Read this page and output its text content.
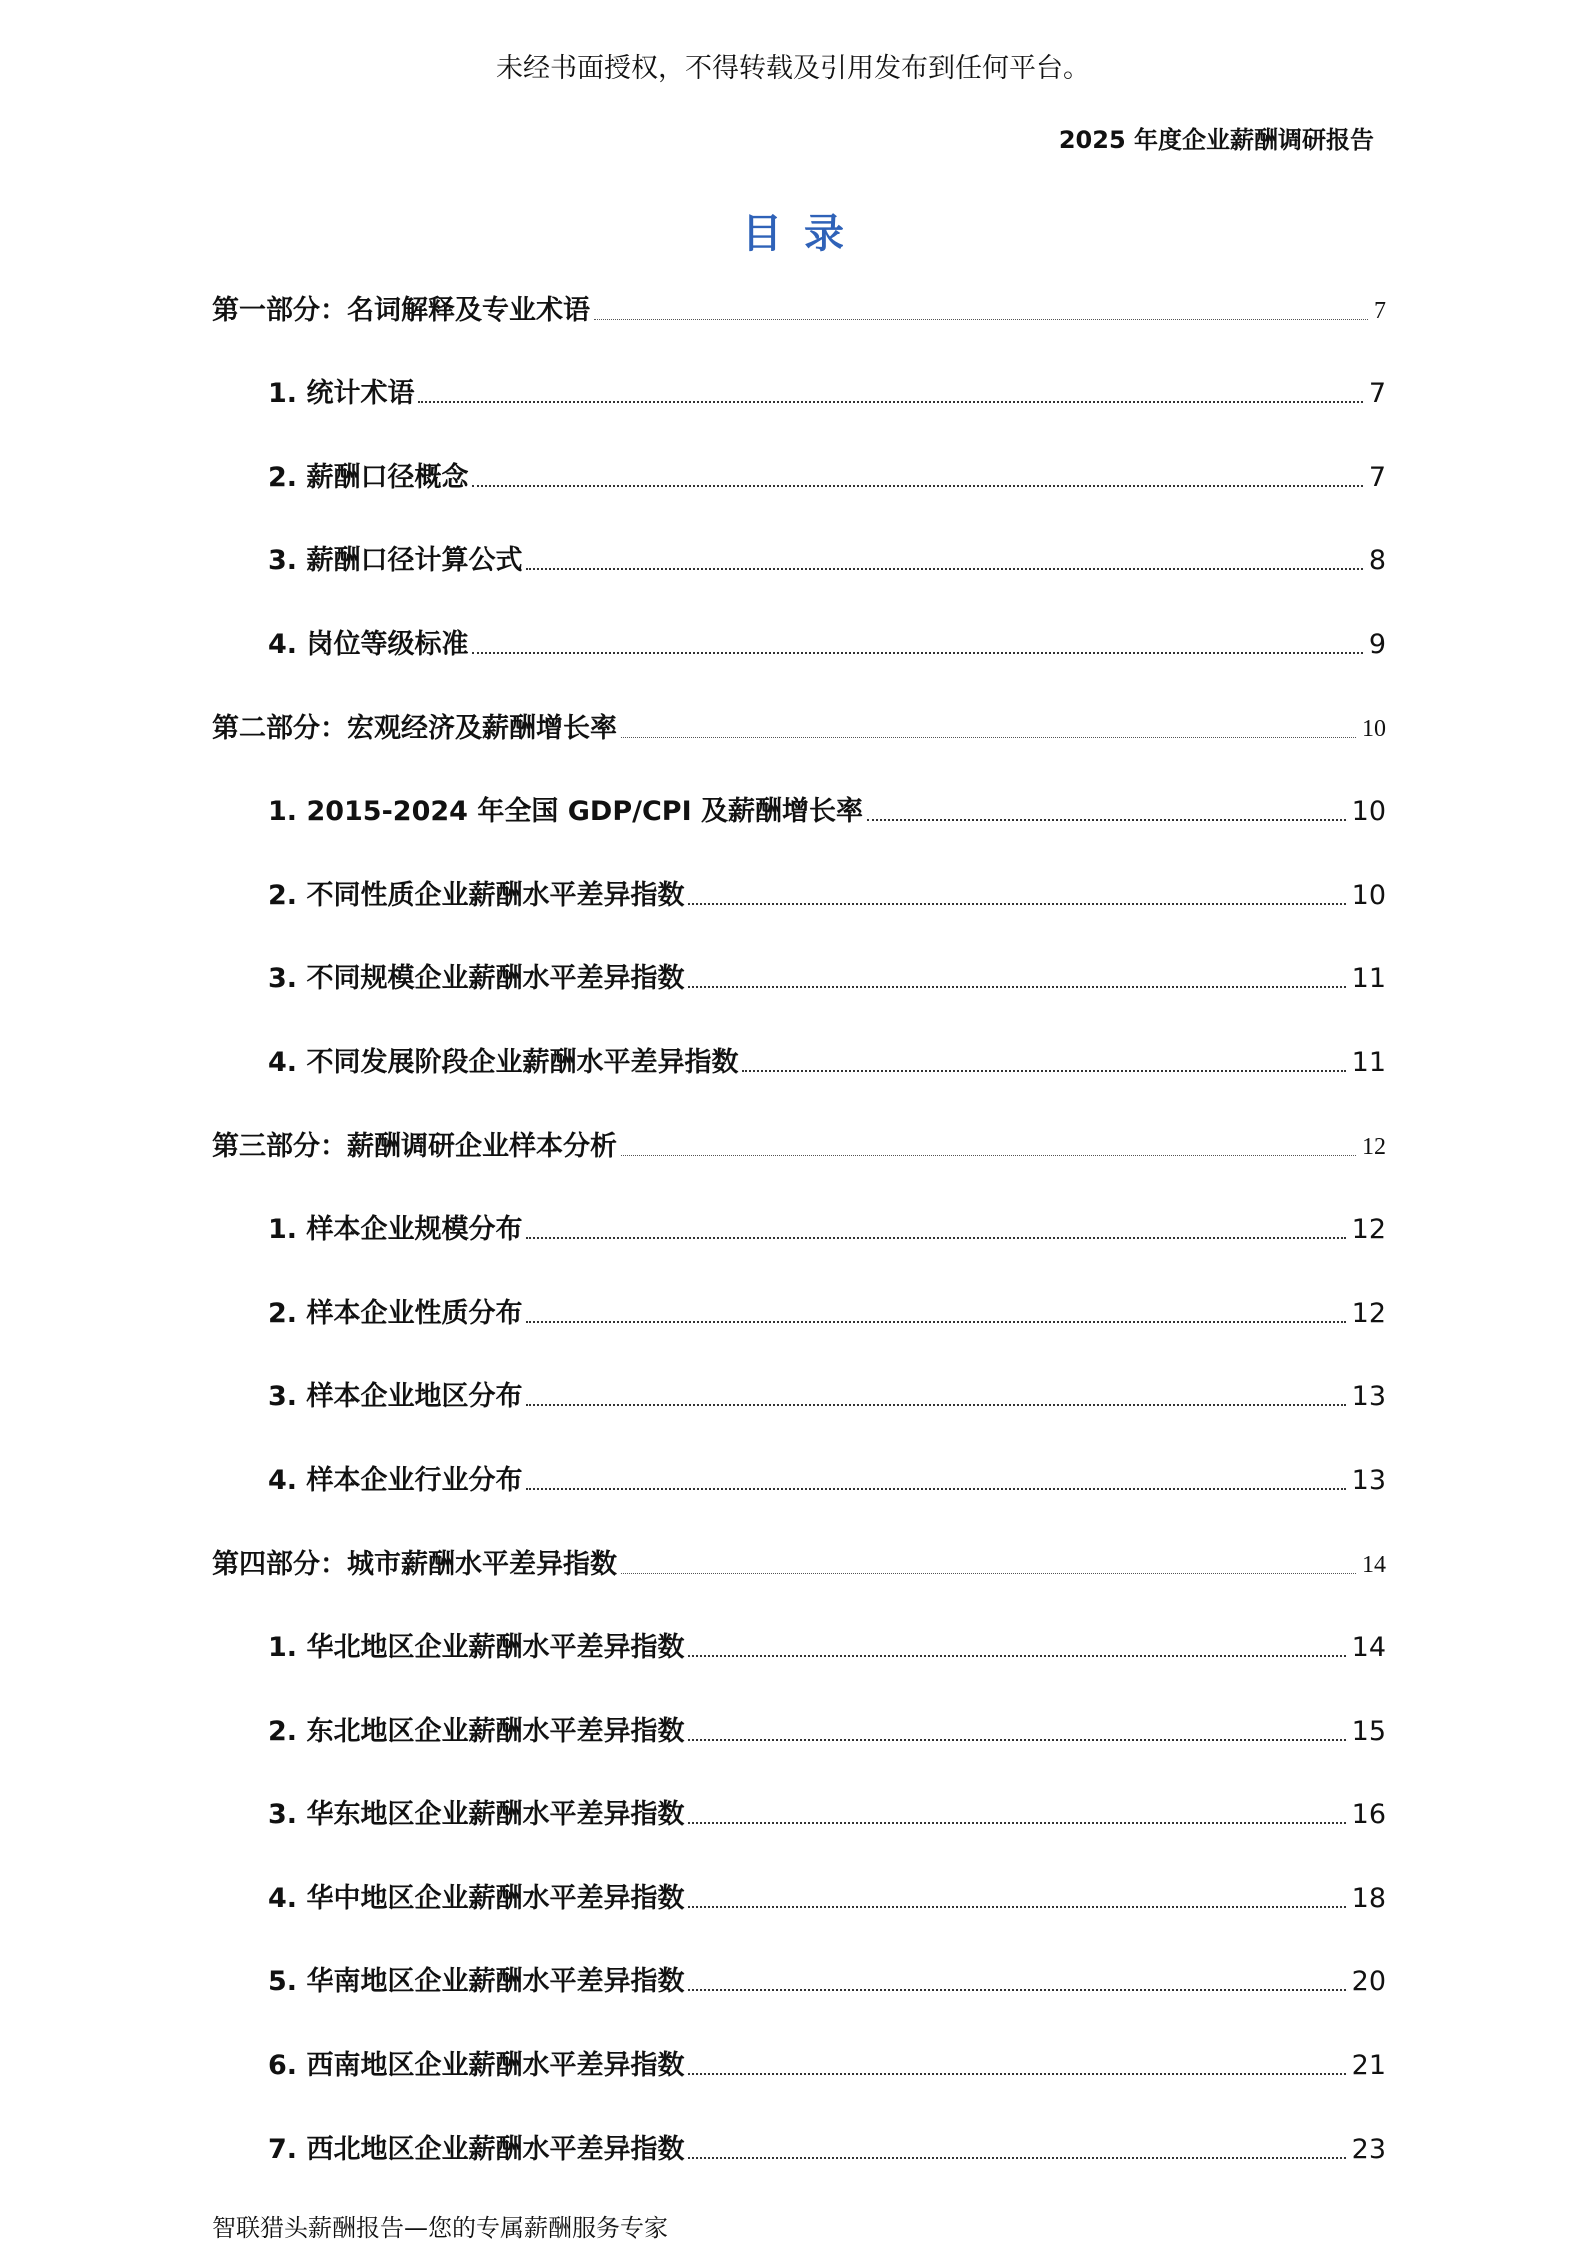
未经书面授权，不得转载及引用发布到任何平台。
2025 年度企业薪酬调研报告
目录
第一部分：名词解释及专业术语	7
1. 统计术语	7
2. 薪酬口径概念	7
3. 薪酬口径计算公式	8
4. 岗位等级标准	9
第二部分：宏观经济及薪酬增长率	10
1. 2015-2024 年全国 GDP/CPI 及薪酬增长率	10
2. 不同性质企业薪酬水平差异指数	10
3. 不同规模企业薪酬水平差异指数	11
4. 不同发展阶段企业薪酬水平差异指数	11
第三部分：薪酬调研企业样本分析	12
1. 样本企业规模分布	12
2. 样本企业性质分布	12
3. 样本企业地区分布	13
4. 样本企业行业分布	13
第四部分：城市薪酬水平差异指数	14
1. 华北地区企业薪酬水平差异指数	14
2. 东北地区企业薪酬水平差异指数	15
3. 华东地区企业薪酬水平差异指数	16
4. 华中地区企业薪酬水平差异指数	18
5. 华南地区企业薪酬水平差异指数	20
6. 西南地区企业薪酬水平差异指数	21
7. 西北地区企业薪酬水平差异指数	23
智联猎头薪酬报告—您的专属薪酬服务专家
